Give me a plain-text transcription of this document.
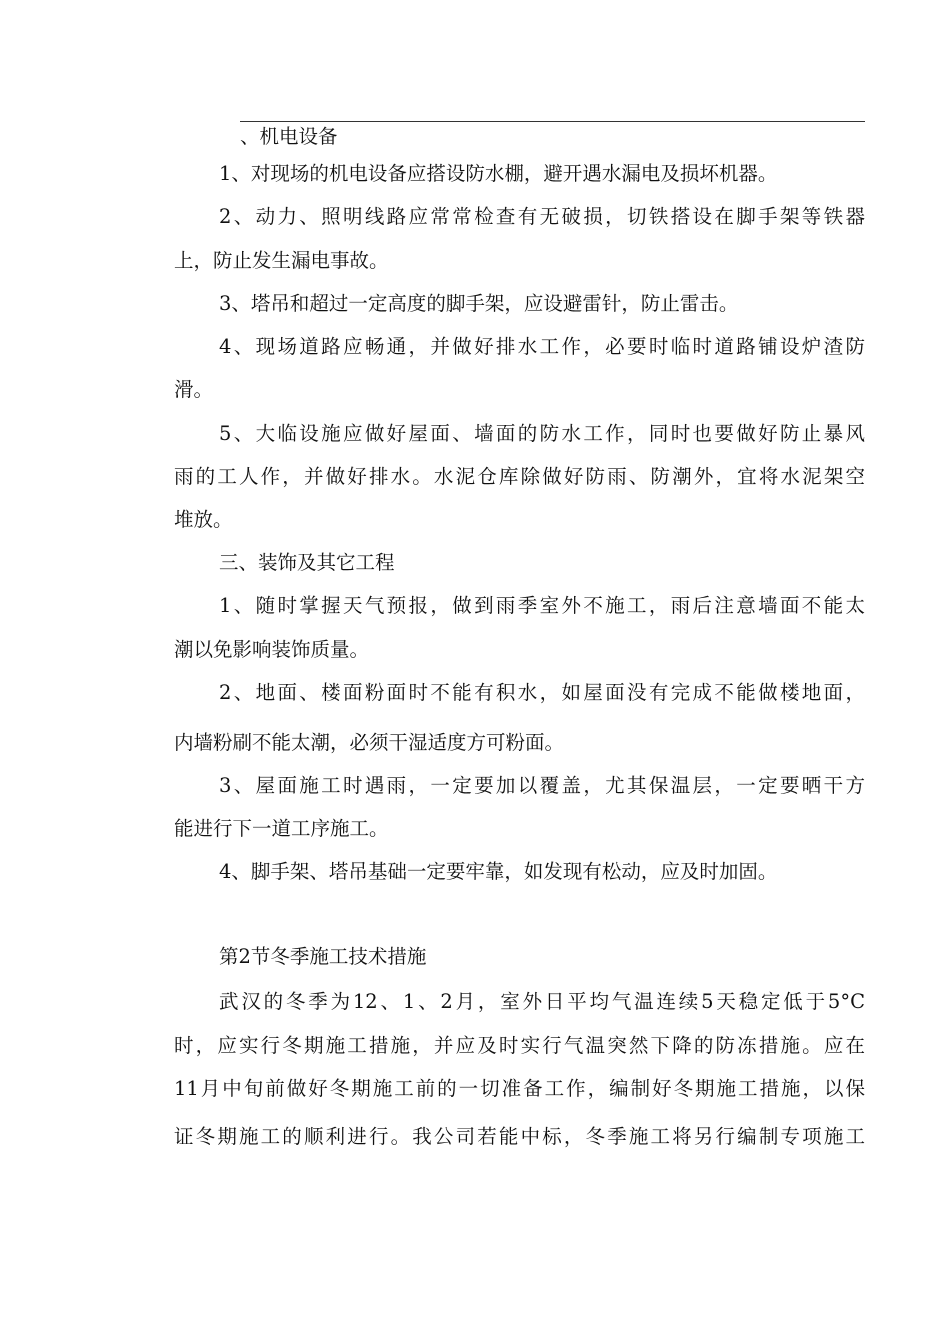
、机电设备
1、对现场的机电设备应搭设防水棚，避开遇水漏电及损坏机器。
2、动力、照明线路应常常检查有无破损，切铁搭设在脚手架等铁器
上，防止发生漏电事故。
3、塔吊和超过一定高度的脚手架，应设避雷针，防止雷击。
4、现场道路应畅通，并做好排水工作，必要时临时道路铺设炉渣防
滑。
5、大临设施应做好屋面、墙面的防水工作，同时也要做好防止暴风
雨的工人作，并做好排水。水泥仓库除做好防雨、防潮外，宜将水泥架空
堆放。
三、装饰及其它工程
1、随时掌握天气预报，做到雨季室外不施工，雨后注意墙面不能太
潮以免影响装饰质量。
2、地面、楼面粉面时不能有积水，如屋面没有完成不能做楼地面，
内墙粉刷不能太潮，必须干湿适度方可粉面。
3、屋面施工时遇雨，一定要加以覆盖，尤其保温层，一定要晒干方
能进行下一道工序施工。
4、脚手架、塔吊基础一定要牢靠，如发现有松动，应及时加固。
第2节冬季施工技术措施
武汉的冬季为12、1、2月，室外日平均气温连续5天稳定低于5°C
时，应实行冬期施工措施，并应及时实行气温突然下降的防冻措施。应在
11月中旬前做好冬期施工前的一切准备工作，编制好冬期施工措施，以保
证冬期施工的顺利进行。我公司若能中标，冬季施工将另行编制专项施工
